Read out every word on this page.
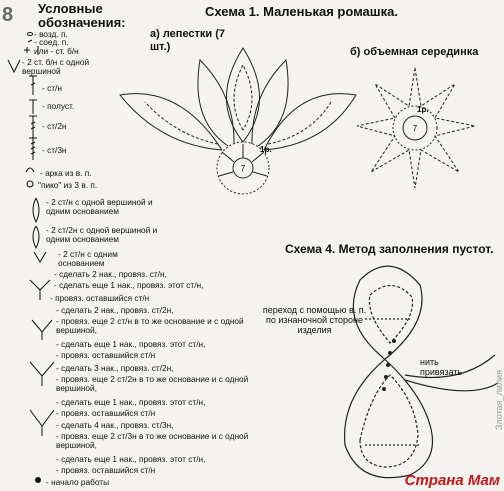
8 Условные обозначения:
- возд. п.
- соед. п.
или - ст. б/н
- 2 ст. б/н с одной вершиной
- ст/н
- полуст.
- ст/2н
- ст/3н
- арка из в. п.
"пико" из 3 в. п.
- 2 ст/н с одной вершиной и одним основанием
- 2 ст/2н с одной вершиной и одним основанием
- 2 ст/н с одним основанием
- сделать 2 нак., провяз. ст/н,
- сделать еще 1 нак., провяз. этот ст/н,
- провяз. оставшийся ст/н
- сделать 2 нак., провяз. ст/2н,
- провяз. еще 2 ст/н в то же основание и с одной вершиной,
- сделать еще 1 нак., провяз. этот ст/н,
- провяз. оставшийся ст/н
- сделать 3 нак., провяз. ст/2н,
- провяз. еще 2 ст/2н в то же основание и с одной вершиной,
- сделать еще 1 нак., провяз. этот ст/н,
- провяз. оставшийся ст/н
- сделать 4 нак., провяз. ст/3н,
- провяз. еще 2 ст/3н в то же основание и с одной вершиной,
- сделать еще 1 нак., провяз. этот ст/н,
- провяз. оставшийся ст/н
- начало работы
Схема 1. Маленькая ромашка.
а) лепестки (7 шт.)	б) объемная серединка
7
1р.
7
1р.
Схема 4. Метод заполнения пустот.
переход с помощью в. п. по изнаночной стороне изделия
нить привязать	Злотая_лилия
Страна Мам
